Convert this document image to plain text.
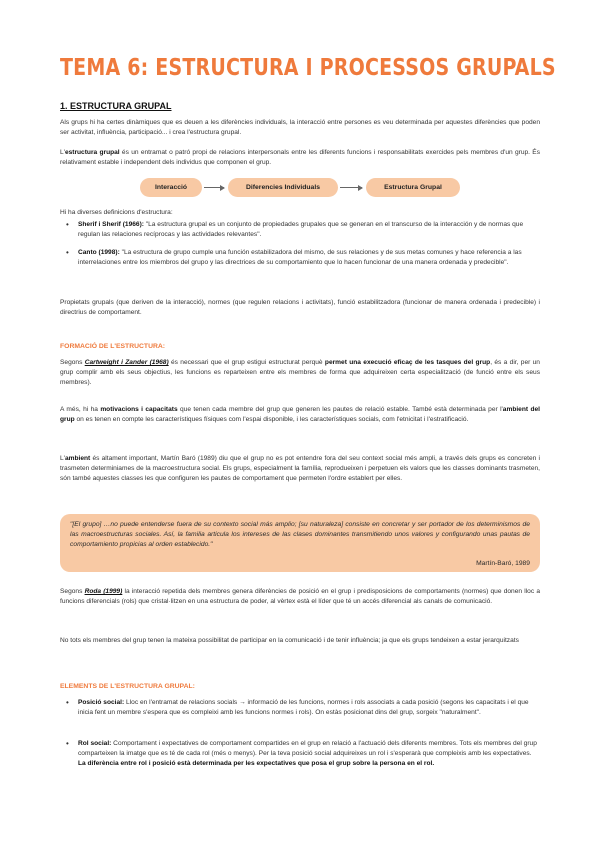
TEMA 6: ESTRUCTURA I PROCESSOS GRUPALS
1. ESTRUCTURA GRUPAL
Als grups hi ha certes dinàmiques que es deuen a les diferències individuals, la interacció entre persones es veu determinada per aquestes diferències que poden ser activitat, influència, participació... i crea l'estructura grupal.
L'estructura grupal és un entramat o patró propi de relacions interpersonals entre les diferents funcions i responsabilitats exercides pels membres d'un grup. És relativament estable i independent dels individus que componen el grup.
Interacció	Diferencies Individuals	Estructura Grupal
Hi ha diverses definicions d'estructura:
• Sherif i Sherif (1966): "La estructura grupal es un conjunto de propiedades grupales que se generan en el transcurso de la interacción y de normas que regulan las relaciones recíprocas y las actividades relevantes".
• Canto (1998): "La estructura de grupo cumple una función estabilizadora del mismo, de sus relaciones y de sus metas comunes y hace referencia a las interrelaciones entre los miembros del grupo y las directrices de su comportamiento que lo hacen funcionar de una manera ordenada y predecible".
Propietats grupals (que deriven de la interacció), normes (que regulen relacions i activitats), funció estabilitzadora (funcionar de manera ordenada i predecible) i directrius de comportament.
FORMACIÓ DE L'ESTRUCTURA:
Segons Cartweight i Zander (1968) és necessari que el grup estigui estructurat perquè permet una execució eficaç de les tasques del grup, és a dir, per un grup complir amb els seus objectius, les funcions es reparteixen entre els membres de forma que adquireixen certa especialització (de funció entre els seus membres).
A més, hi ha motivacions i capacitats que tenen cada membre del grup que generen les pautes de relació estable. També està determinada per l'ambient del grup on es tenen en compte les característiques físiques com l'espai disponible, i les característiques socials, com l'etnicitat i l'estratificació.
L'ambient és altament important, Martín Baró (1989) diu que el grup no es pot entendre fora del seu context social més ampli, a través dels grups es concreten i trasmeten determiniames de la macroestructura social. Els grups, especialment la família, reprodueixen i perpetuen els valors que les classes dominants trasmeten, són també aquestes classes les que configuren les pautes de comportament que permeten l'ordre establert per elles.
"[El grupo] …no puede entenderse fuera de su contexto social más amplio; [su naturaleza] consiste en concretar y ser portador de los determinismos de las macroestructuras sociales. Así, la familia articula los intereses de las clases dominantes transmitiendo unos valores y configurando unas pautas de comportamiento propicias al orden establecido."
Martín-Baró, 1989
Segons Roda (1999) la interacció repetida dels membres genera diferències de posició en el grup i predisposicions de comportaments (normes) que donen lloc a funcions diferencials (rols) que cristal·litzen en una estructura de poder, al vèrtex està el líder que té un accés diferencial als canals de comunicació.
No tots els membres del grup tenen la mateixa possibilitat de participar en la comunicació i de tenir influència; ja que els grups tendeixen a estar jerarquitzats
ELEMENTS DE L'ESTRUCTURA GRUPAL:
• Posició social: Lloc en l'entramat de relacions socials → informació de les funcions, normes i rols associats a cada posició (segons les capacitats i el que inicia fent un membre s'espera que es compleixi amb les funcions normes i rols). On estàs posicionat dins del grup, sorgeix "naturalment".
• Rol social: Comportament i expectatives de comportament compartides en el grup en relació a l'actuació dels diferents membres. Tots els membres del grup comparteixen la imatge que es té de cada rol (més o menys). Per la teva posició social adquireixes un rol i s'esperarà que compleixis amb les expectatives. La diferència entre rol i posició està determinada per les expectatives que posa el grup sobre la persona en el rol.
